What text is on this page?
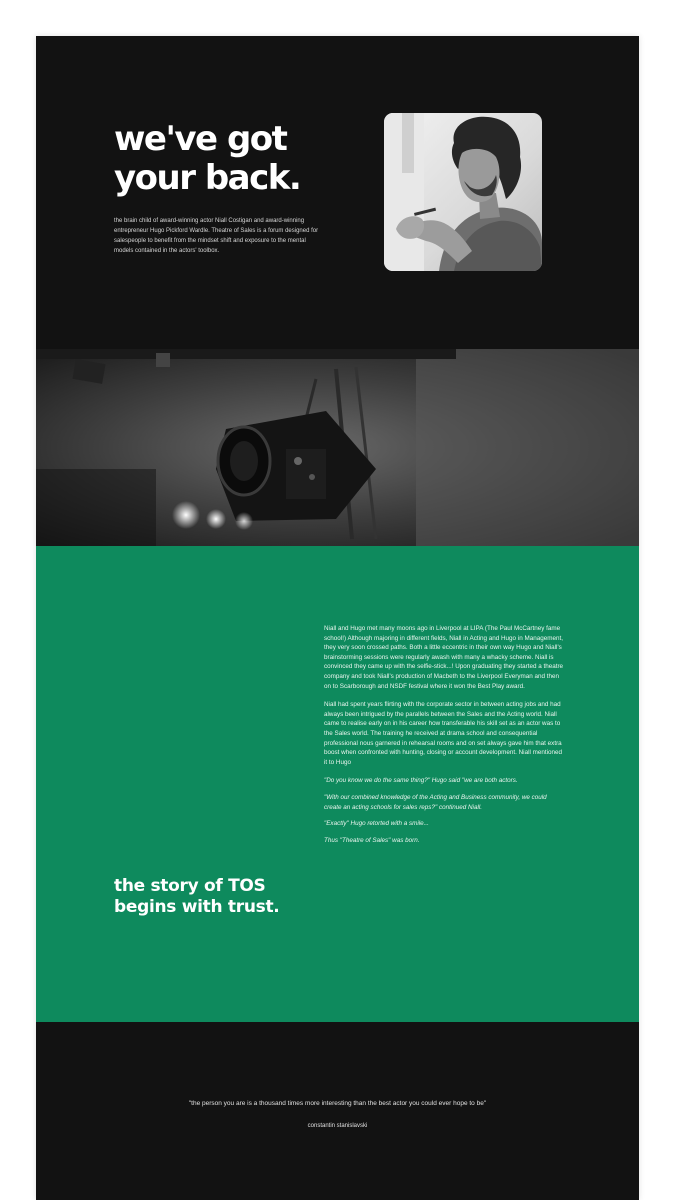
we've got
your back.
the brain child of award-winning actor Niall Costigan and award-winning entrepreneur Hugo Pickford Wardle. Theatre of Sales is a forum designed for salespeople to benefit from the mindset shift and exposure to the mental models contained in the actors' toolbox.
the story of TOS begins with trust.

Niall and Hugo met many moons ago in Liverpool at LIPA (The Paul McCartney fame school!) Although majoring in different fields, Niall in Acting and Hugo in Management, they very soon crossed paths. Both a little eccentric in their own way Hugo and Niall's brainstorming sessions were regularly awash with many a whacky scheme. Niall is convinced they came up with the selfie-stick...! Upon graduating they started a theatre company and took Niall's production of Macbeth to the Liverpool Everyman and then on to Scarborough and NSDF festival where it won the Best Play award.

Niall had spent years flirting with the corporate sector in between acting jobs and had always been intrigued by the parallels between the Sales and the Acting world. Niall came to realise early on in his career how transferable his skill set as an actor was to the Sales world. The training he received at drama school and consequential professional nous garnered in rehearsal rooms and on set always gave him that extra boost when confronted with hunting, closing or account development. Niall mentioned it to Hugo

"Do you know we do the same thing?" Hugo said "we are both actors.

"With our combined knowledge of the Acting and Business community, we could create an acting schools for sales reps?" continued Niall.

"Exactly" Hugo retorted with a smile...

Thus "Theatre of Sales" was born.

"the person you are is a thousand times more interesting than the best actor you could ever hope to be"
constantin stanislavski
